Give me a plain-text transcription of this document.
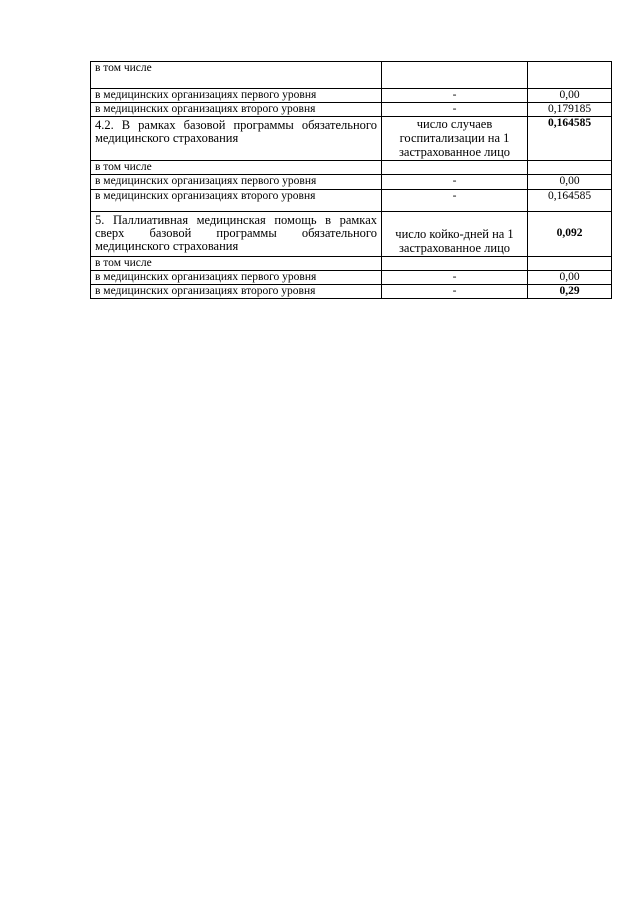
в том числе		
в медицинских организациях первого уровня	-	0,00
в медицинских организациях второго уровня	-	0,179185
4.2. В рамках базовой программы обязательного медицинского страхования	число случаев госпитализации на 1 застрахованное лицо	0,164585
в том числе		
в медицинских организациях первого уровня	-	0,00
в медицинских организациях второго уровня	-	0,164585
5. Паллиативная медицинская помощь в рамках сверх базовой программы обязательного медицинского страхования	число койко-дней на 1 застрахованное лицо	0,092
в том числе		
в медицинских организациях первого уровня	-	0,00
в медицинских организациях второго уровня	-	0,29
